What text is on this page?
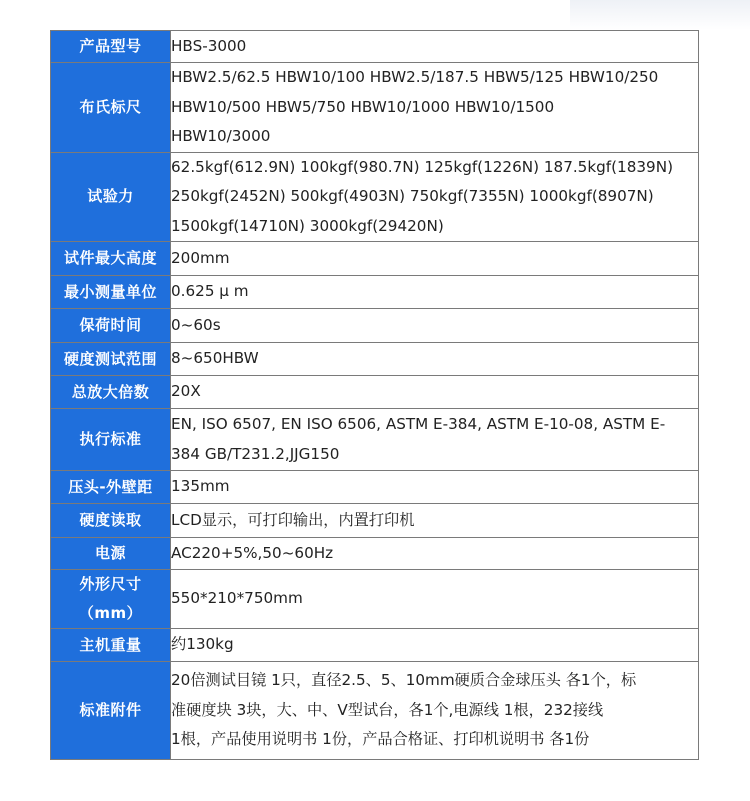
产品型号	HBS-3000

布氏标尺	HBW2.5/62.5 HBW10/100 HBW2.5/187.5 HBW5/125 HBW10/250
HBW10/500 HBW5/750 HBW10/1000 HBW10/1500
HBW10/3000

试验力	62.5kgf(612.9N) 100kgf(980.7N) 125kgf(1226N) 187.5kgf(1839N)
250kgf(2452N) 500kgf(4903N) 750kgf(7355N) 1000kgf(8907N)
1500kgf(14710N) 3000kgf(29420N)

试件最大高度	200mm

最小测量单位	0.625 μ m

保荷时间	0~60s

硬度测试范围	8~650HBW

总放大倍数	20X

执行标准	EN, ISO 6507, EN ISO 6506, ASTM E-384, ASTM E-10-08, ASTM E-
384 GB/T231.2,JJG150

压头-外壁距	135mm

硬度读取	LCD显示，可打印输出，内置打印机

电源	AC220+5%,50~60Hz

外形尺寸
（mm）	550*210*750mm

主机重量	约130kg

标准附件	20倍测试目镜 1只，直径2.5、5、10mm硬质合金球压头 各1个，标
准硬度块 3块，大、中、V型试台，各1个,电源线 1根，232接线
1根，产品使用说明书 1份，产品合格证、打印机说明书 各1份
